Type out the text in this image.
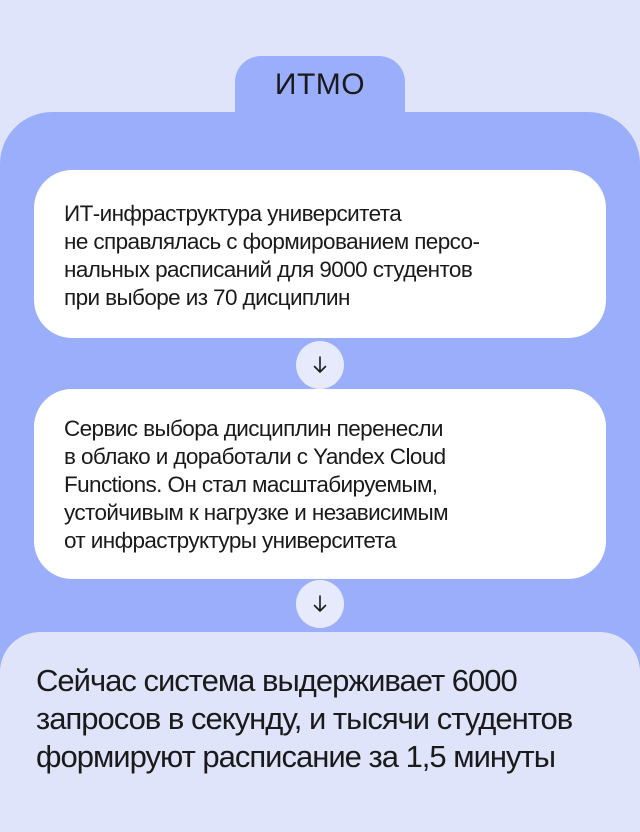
ИТМО

ИТ-инфраструктура университета

не справлялась с формированием персо-

нальных расписаний для 9000 студентов

при выборе из 70 дисциплин

Сервис выбора дисциплин перенесли

в облако и доработали с Yandex Cloud

Functions. Он стал масштабируемым,

устойчивым к нагрузке и независимым

от инфраструктуры университета

Сейчас система выдерживает 6000

запросов в секунду, и тысячи студентов

формируют расписание за 1,5 минуты
